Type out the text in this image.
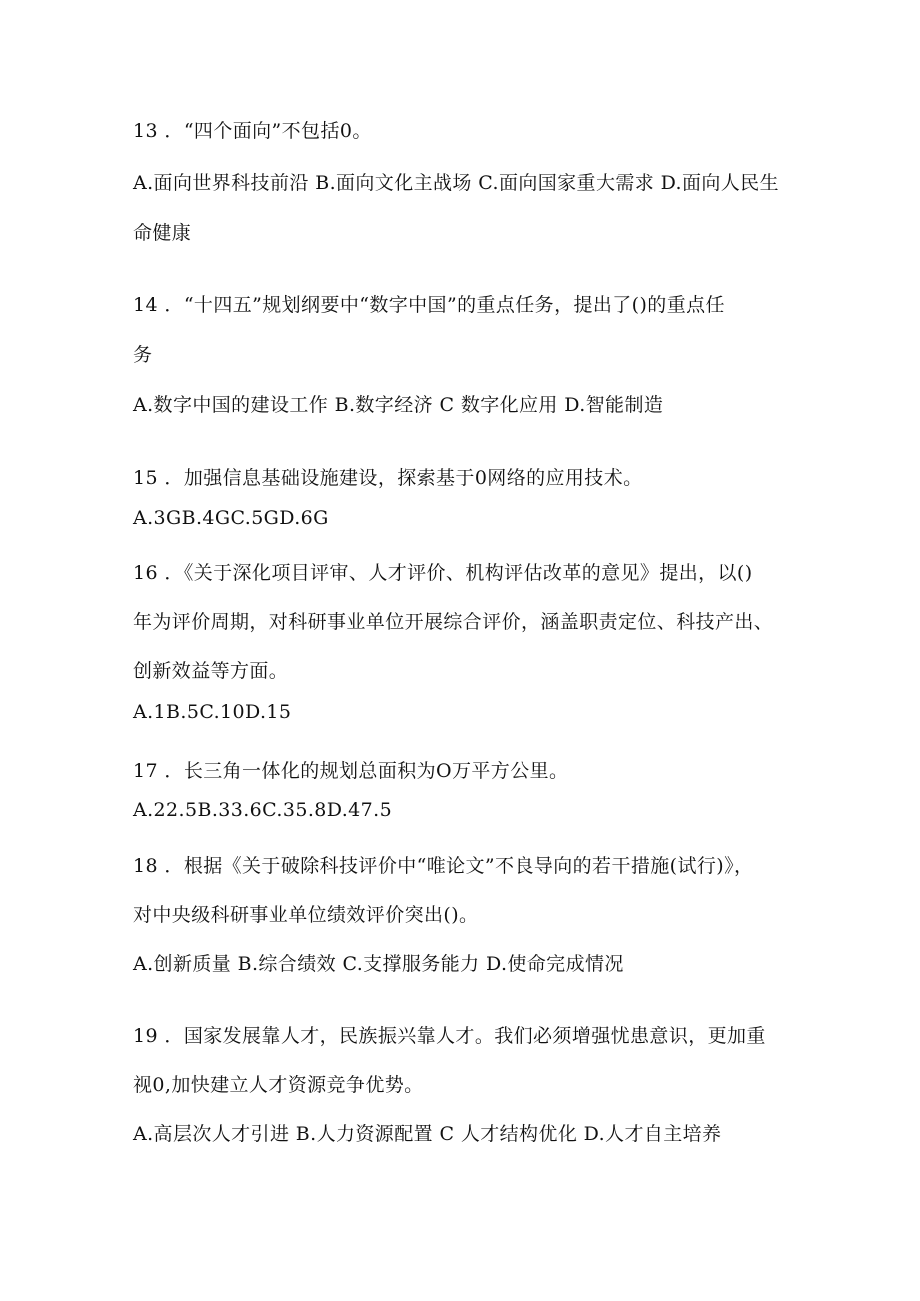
13 ．“四个面向”不包括0。
A.面向世界科技前沿 B.面向文化主战场 C.面向国家重大需求 D.面向人民生
命健康
14 ．“十四五”规划纲要中“数字中国”的重点任务，提出了()的重点任
务
A.数字中国的建设工作 B.数字经济 C 数字化应用 D.智能制造
15 ．加强信息基础设施建设，探索基于0网络的应用技术。
A.3GB.4GC.5GD.6G
16 ．《关于深化项目评审、人才评价、机构评估改革的意见》提出，以()
年为评价周期，对科研事业单位开展综合评价，涵盖职责定位、科技产出、
创新效益等方面。
A.1B.5C.10D.15
17 ．长三角一体化的规划总面积为O万平方公里。
A.22.5B.33.6C.35.8D.47.5
18 ．根据《关于破除科技评价中“唯论文”不良导向的若干措施(试行)》，
对中央级科研事业单位绩效评价突出()。
A.创新质量 B.综合绩效 C.支撑服务能力 D.使命完成情况
19 ．国家发展靠人才，民族振兴靠人才。我们必须增强忧患意识，更加重
视0,加快建立人才资源竞争优势。
A.高层次人才引进 B.人力资源配置 C 人才结构优化 D.人才自主培养
